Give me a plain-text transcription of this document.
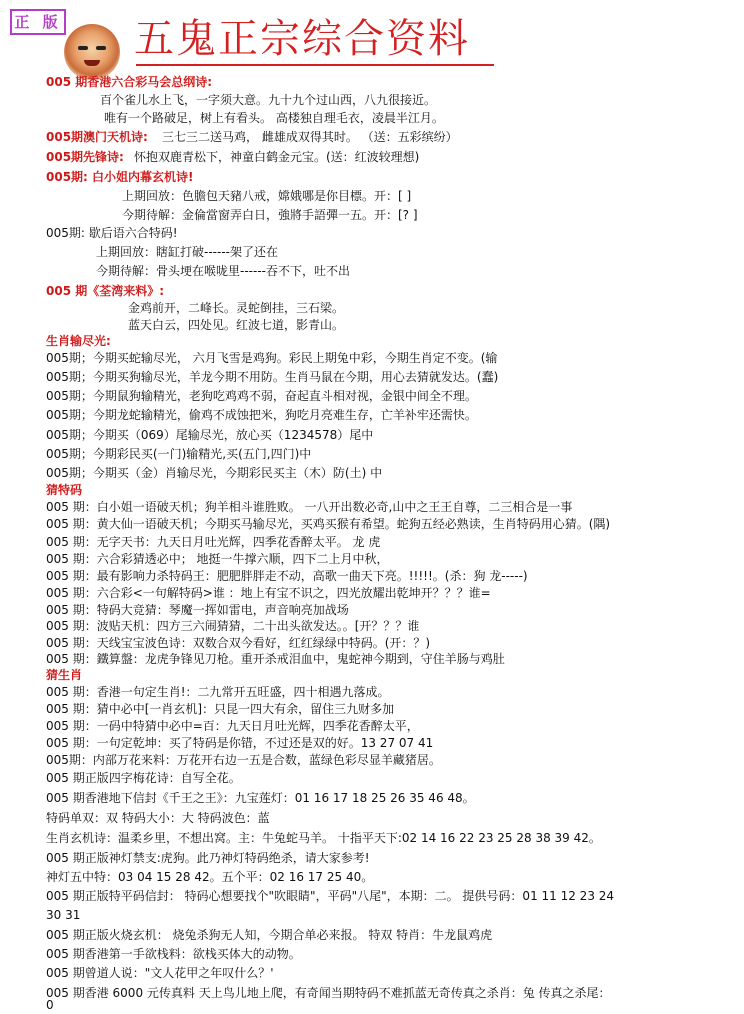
正 版 五鬼正宗综合资料
005 期香港六合彩马会总纲诗:
百个雀儿水上飞，一字须大意。九十九个过山西，八九很接近。
唯有一个路破足，树上有看头。 高楼独自理毛衣，凌晨半江月。
005期澳门天机诗: 三七三二送马鸡， 雌雄成双得其时。 （送：五彩缤纷）
005期先锋诗: 怀抱双鹿青松下，神童白鹤金元宝。(送：红波较理想)
005期: 白小姐内幕玄机诗!
上期回放：色膽包天豬八戒，嫦娥哪是你目標。开：[ ]
今期待解：金倫當窗弄白日，強將手語彈一五。开：[? ]
005期: 歇后语六合特码!
上期回放：瞎缸打破------架了还在
今期待解：骨头埂在喉咙里------吞不下，吐不出
005 期《荃湾来料》:
金鸡前开，二峰长。灵蛇倒挂，三石梁。
蓝天白云，四处见。红波七道，影青山。
生肖输尽光:
005期；今期买蛇输尽光， 六月飞雪是鸡狗。彩民上期兔中彩，今期生肖定不变。(输
005期；今期买狗输尽光，羊龙今期不用防。生肖马鼠在今期，用心去猜就发达。(蠢)
005期；今期鼠狗输精光，老狗吃鸡鸡不弱，奋起直斗相对视，金银中间全不理。
005期；今期龙蛇输精光，偷鸡不成蚀把米，狗吃月亮难生存，亡羊补牢还需快。
005期；今期买（069）尾输尽光，放心买（1234578）尾中
005期；今期彩民买(一门)输精光,买(五门,四门)中
005期；今期买（金）肖输尽光，今期彩民买主（木）防(土) 中
猜特码
005 期：白小姐一语破天机；狗羊相斗谁胜败。 一八开出数必奇,山中之王王自尊，二三相合是一事
005 期：黄大仙一语破天机；今期买马输尽光，买鸡买猴有希望。蛇狗五经必熟读，生肖特码用心猜。(隅)
005 期：无字天书：九天日月吐光辉，四季花香醉太平。 龙 虎
005 期：六合彩猜透必中； 地挺一牛撑六顺，四下二上月中秋，
005 期：最有影响力杀特码王：肥肥胖胖走不动，高歌一曲天下亮。!!!!!。(杀：狗 龙-----)
005 期：六合彩<一句解特码>谁 ：地上有宝不识之，四光放耀出乾坤开？？？谁=
005 期：特码大竞猜：琴魔一挥如雷电，声音响亮加战场
005 期：波贴天机：四方三六闹猜猜，二十出头欲发达。。[开？？？谁
005 期：天线宝宝波色诗：双数合双今看好，红红绿绿中特码。(开：？)
005 期：鐵算盤：龙虎争锋见刀枪。重开杀戒泪血中，鬼蛇神今期到，守住羊肠与鸡肚
猜生肖
005 期：香港一句定生肖!：二九常开五旺盛，四十相遇九落成。
005 期：猜中必中[一肖玄机]：只昆一四大有余，留住三九财多加
005 期：一码中特猜中必中=百：九天日月吐光辉，四季花香醉太平，
005 期：一句定乾坤：买了特码是你错，不过还是双的好。13 27 07 41
005期：内部万花来料：万花开右边一五是合数，蓝绿色彩尽显羊藏猪居。
005 期正版四字梅花诗：自写全花。
005 期香港地下信封《千王之王》：九宝莲灯：01 16 17 18 25 26 35 46 48。
特码单双：双 特码大小：大 特码波色：蓝
生肖玄机诗：温柔乡里，不想出窝。主：牛兔蛇马羊。 十指平天下:02 14 16 22 23 25 28 38 39 42。
005 期正版神灯禁支:虎狗。此乃神灯特码绝杀，请大家参考!
神灯五中特：03 04 15 28 42。五个平：02 16 17 25 40。
005 期正版特平码信封： 特码心想要找个"吹眼睛"，平码"八尾"，本期：二。 提供号码：01 11 12 23 24
30 31
005 期正版火烧玄机： 烧兔杀狗无人知，今期合单必来报。 特双 特肖：牛龙鼠鸡虎
005 期香港第一手欲栈料：欲栈买体大的动物。
005 期曾道人说："文人花甲之年叹什么？'
005 期香港 6000 元传真料 天上鸟儿地上爬，有奇闻当期特码不难抓蓝无奇传真之杀肖：兔 传真之杀尾：
0
